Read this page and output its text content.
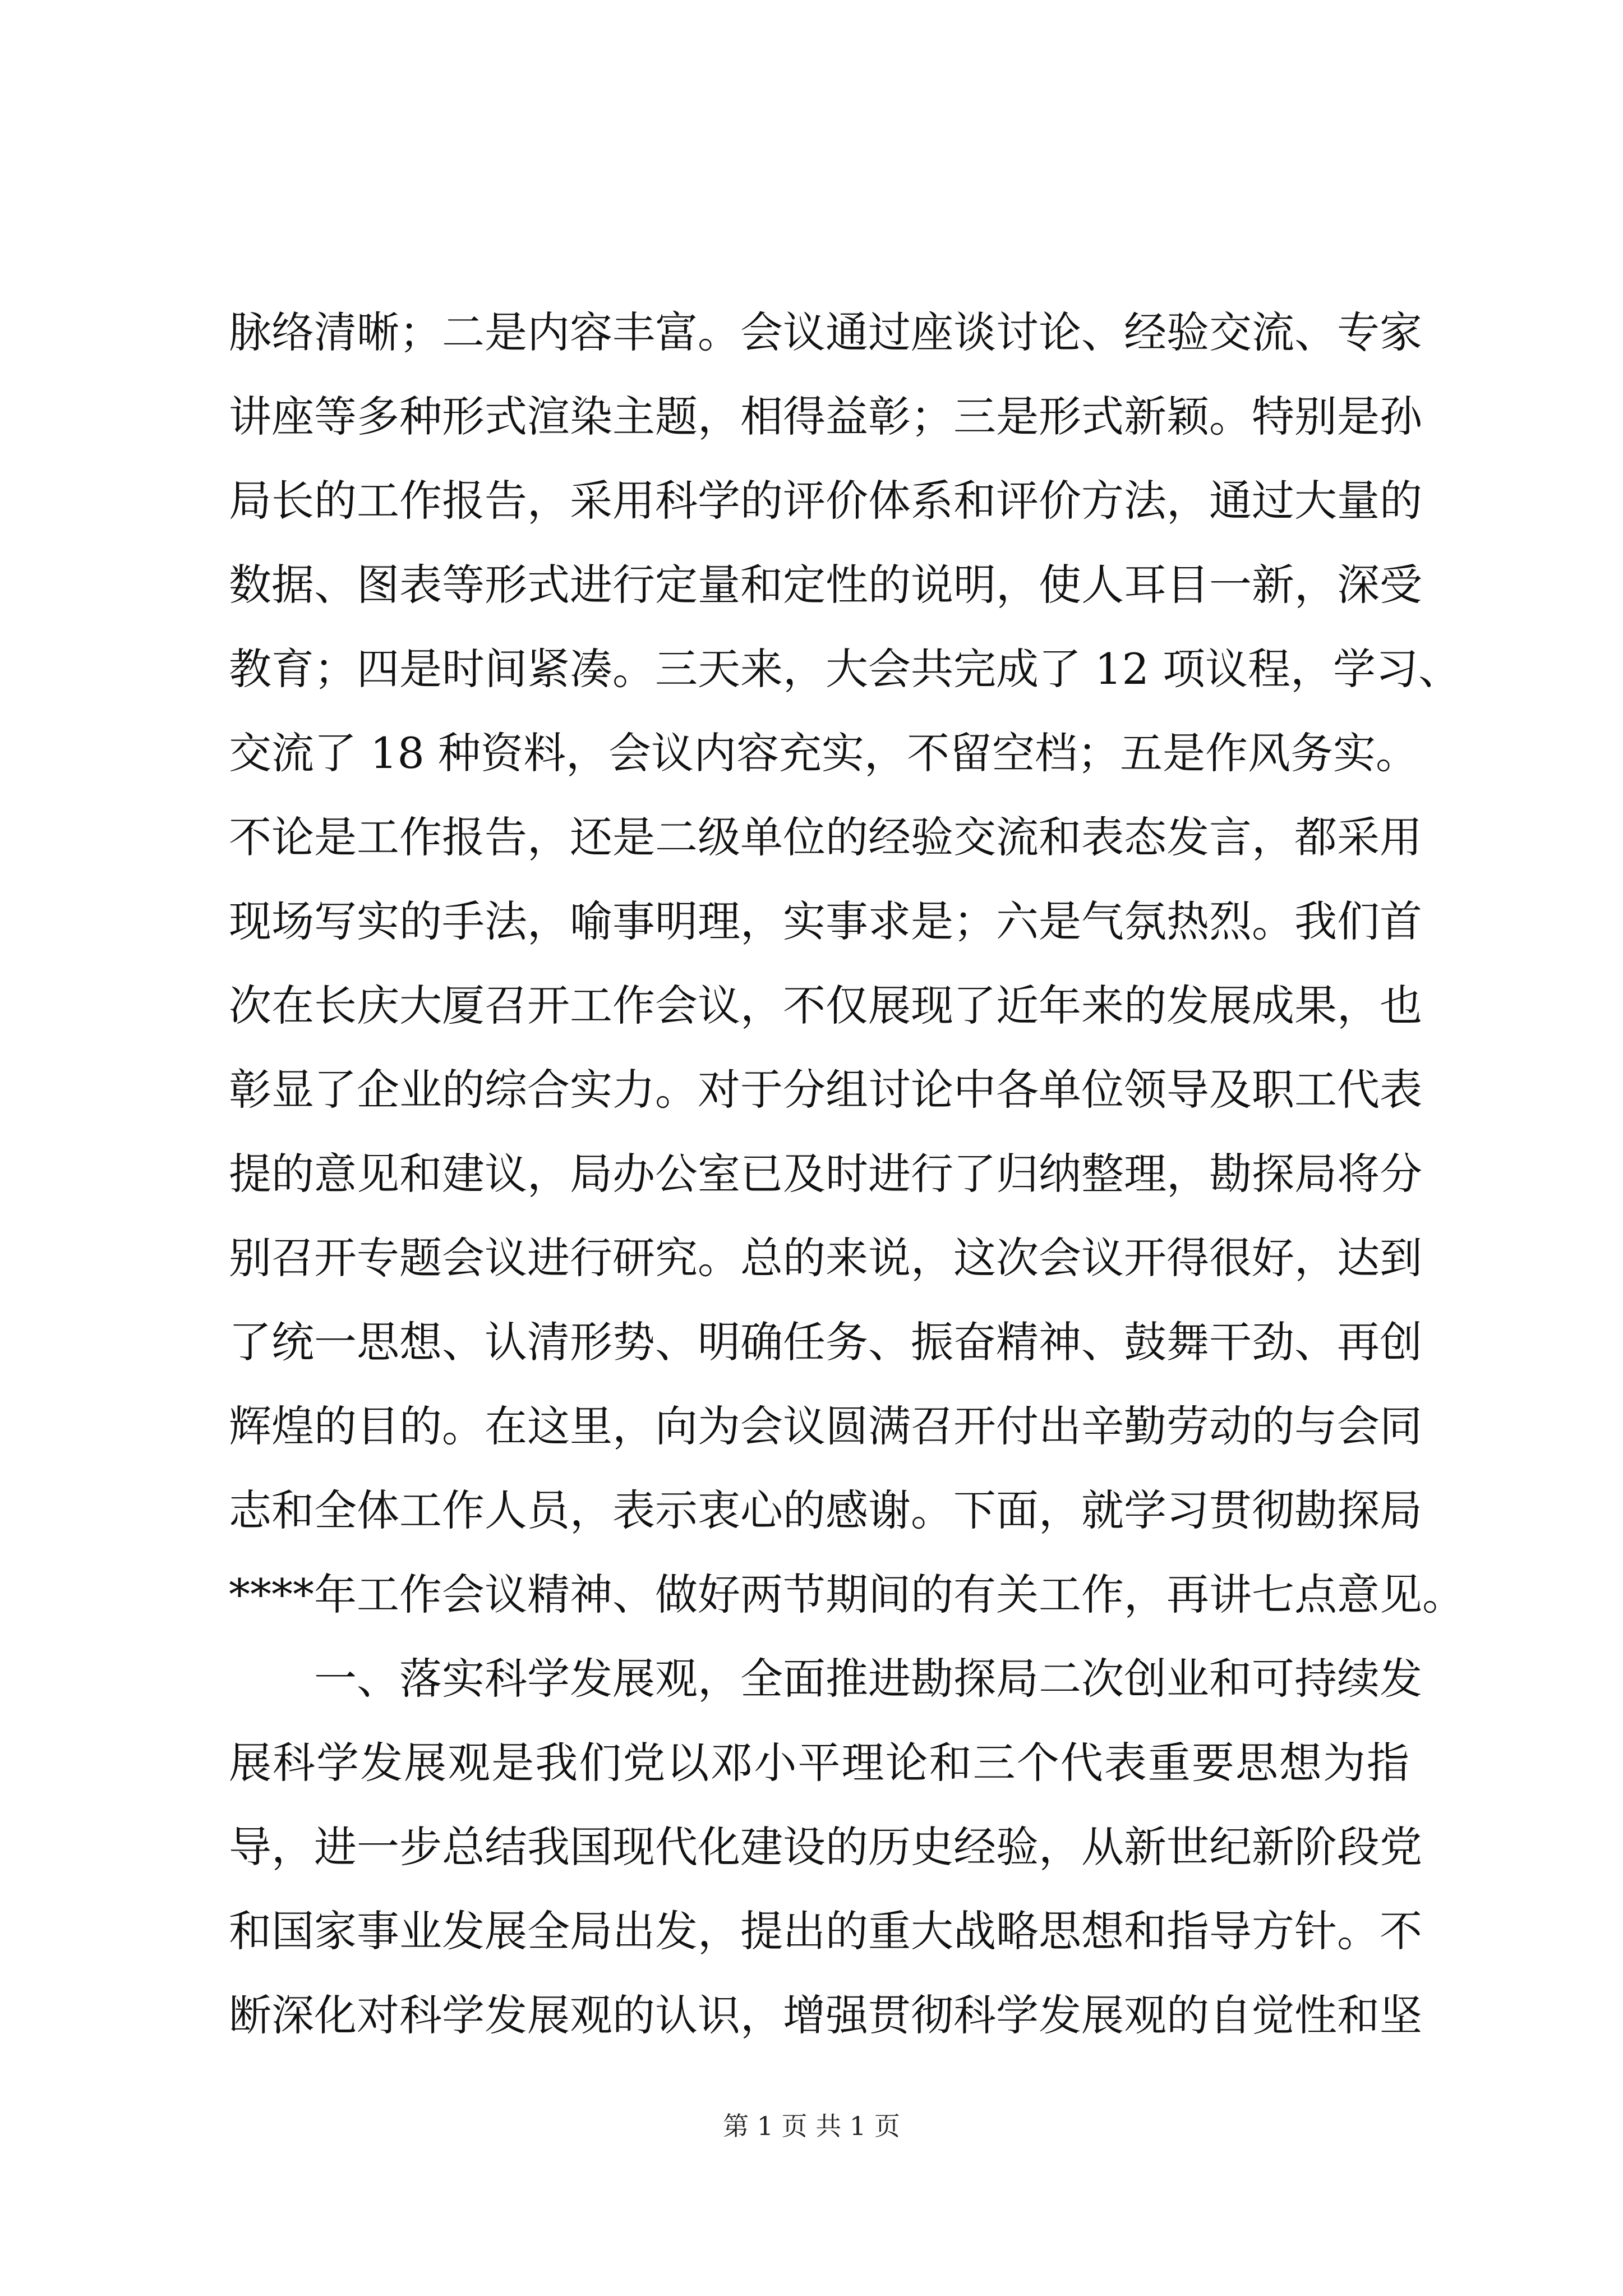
脉络清晰；二是内容丰富。会议通过座谈讨论、经验交流、专家
讲座等多种形式渲染主题，相得益彰；三是形式新颖。特别是孙
局长的工作报告，采用科学的评价体系和评价方法，通过大量的
数据、图表等形式进行定量和定性的说明，使人耳目一新，深受
教育；四是时间紧凑。三天来，大会共完成了 12 项议程，学习、
交流了 18 种资料，会议内容充实，不留空档；五是作风务实。
不论是工作报告，还是二级单位的经验交流和表态发言，都采用
现场写实的手法，喻事明理，实事求是；六是气氛热烈。我们首
次在长庆大厦召开工作会议，不仅展现了近年来的发展成果，也
彰显了企业的综合实力。对于分组讨论中各单位领导及职工代表
提的意见和建议，局办公室已及时进行了归纳整理，勘探局将分
别召开专题会议进行研究。总的来说，这次会议开得很好，达到
了统一思想、认清形势、明确任务、振奋精神、鼓舞干劲、再创
辉煌的目的。在这里，向为会议圆满召开付出辛勤劳动的与会同
志和全体工作人员，表示衷心的感谢。下面，就学习贯彻勘探局
****年工作会议精神、做好两节期间的有关工作，再讲七点意见。
一、落实科学发展观，全面推进勘探局二次创业和可持续发
展科学发展观是我们党以邓小平理论和三个代表重要思想为指
导，进一步总结我国现代化建设的历史经验，从新世纪新阶段党
和国家事业发展全局出发，提出的重大战略思想和指导方针。不
断深化对科学发展观的认识，增强贯彻科学发展观的自觉性和坚
第 1 页 共 1 页
